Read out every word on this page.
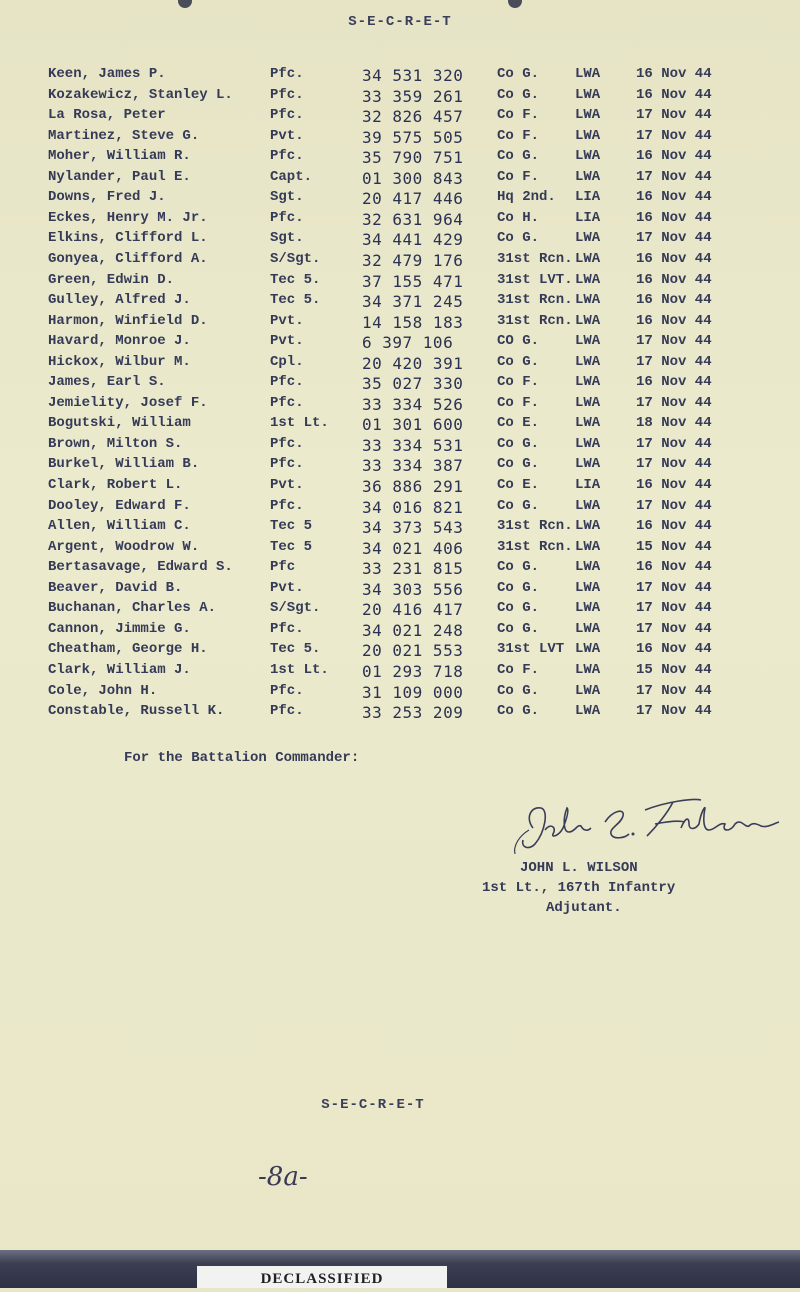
S-E-C-R-E-T
Keen, James P.	Pfc.	34 531 320 Co G.	LWA	16 Nov 44
Kozakewicz, Stanley L.	Pfc.	33 359 261 Co G.	LWA	16 Nov 44
La Rosa, Peter	Pfc.	32 826 457 Co F.	LWA	17 Nov 44
Martinez, Steve G.	Pvt.	39 575 505 Co F.	LWA	17 Nov 44
Moher, William R.	Pfc.	35 790 751 Co G.	LWA	16 Nov 44
Nylander, Paul E.	Capt.	01 300 843 Co F.	LWA	17 Nov 44
Downs, Fred J.	Sgt.	20 417 446 Hq 2nd. LIA	16 Nov 44
Eckes, Henry M. Jr.	Pfc.	32 631 964 Co H.	LIA	16 Nov 44
Elkins, Clifford L.	Sgt.	34 441 429 Co G.	LWA	17 Nov 44
Gonyea, Clifford A.	S/Sgt.	32 479 176 31st Rcn. LWA	16 Nov 44
Green, Edwin D.	Tec 5.	37 155 471 31st LVT. LWA	16 Nov 44
Gulley, Alfred J.	Tec 5.	34 371 245 31st Rcn. LWA	16 Nov 44
Harmon, Winfield D.	Pvt.	14 158 183 31st Rcn. LWA	16 Nov 44
Havard, Monroe J.	Pvt.	6 397 106	CO G.	LWA	17 Nov 44
Hickox, Wilbur M.	Cpl.	20 420 391 Co G.	LWA	17 Nov 44
James, Earl S.	Pfc.	35 027 330 Co F.	LWA	16 Nov 44
Jemielity, Josef F.	Pfc.	33 334 526 Co F.	LWA	17 Nov 44
Bogutski, William	1st Lt. 01 301 600 Co E.	LWA	18 Nov 44
Brown, Milton S.	Pfc.	33 334 531 Co G.	LWA	17 Nov 44
Burkel, William B.	Pfc.	33 334 387 Co G.	LWA	17 Nov 44
Clark, Robert L.	Pvt.	36 886 291 Co E.	LIA	16 Nov 44
Dooley, Edward F.	Pfc.	34 016 821 Co G.	LWA	17 Nov 44
Allen, William C.	Tec 5	34 373 543 31st Rcn. LWA	16 Nov 44
Argent, Woodrow W.	Tec 5	34 021 406 31st Rcn. LWA	15 Nov 44
Bertasavage, Edward S.	Pfc	33 231 815 Co G.	LWA	16 Nov 44
Beaver, David B.	Pvt.	34 303 556 Co G.	LWA	17 Nov 44
Buchanan, Charles A.	S/Sgt.	20 416 417 Co G.	LWA	17 Nov 44
Cannon, Jimmie G.	Pfc.	34 021 248 Co G.	LWA	17 Nov 44
Cheatham, George H.	Tec 5.	20 021 553 31st LVT LWA	16 Nov 44
Clark, William J.	1st Lt. 01 293 718 Co F.	LWA	15 Nov 44
Cole, John H.	Pfc.	31 109 000 Co G.	LWA	17 Nov 44
Constable, Russell K.	Pfc.	33 253 209 Co G.	LWA	17 Nov 44
For the Battalion Commander:
JOHN L. WILSON
1st Lt., 167th Infantry
Adjutant.
S-E-C-R-E-T
-8a-
DECLASSIFIED
